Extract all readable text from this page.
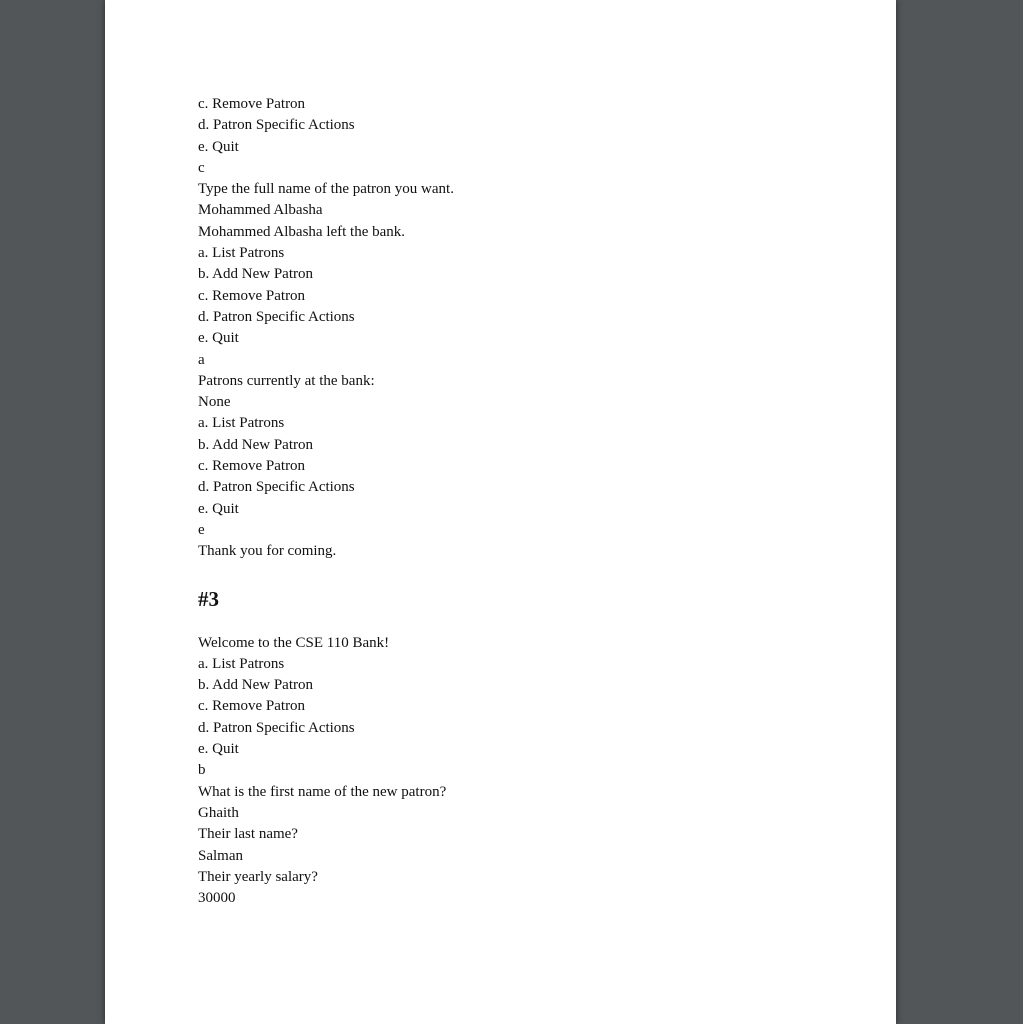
c. Remove Patron
d. Patron Specific Actions
e. Quit
c
Type the full name of the patron you want.
Mohammed Albasha
Mohammed Albasha left the bank.
a. List Patrons
b. Add New Patron
c. Remove Patron
d. Patron Specific Actions
e. Quit
a
Patrons currently at the bank:
None
a. List Patrons
b. Add New Patron
c. Remove Patron
d. Patron Specific Actions
e. Quit
e
Thank you for coming.
#3
Welcome to the CSE 110 Bank!
a. List Patrons
b. Add New Patron
c. Remove Patron
d. Patron Specific Actions
e. Quit
b
What is the first name of the new patron?
Ghaith
Their last name?
Salman
Their yearly salary?
30000
